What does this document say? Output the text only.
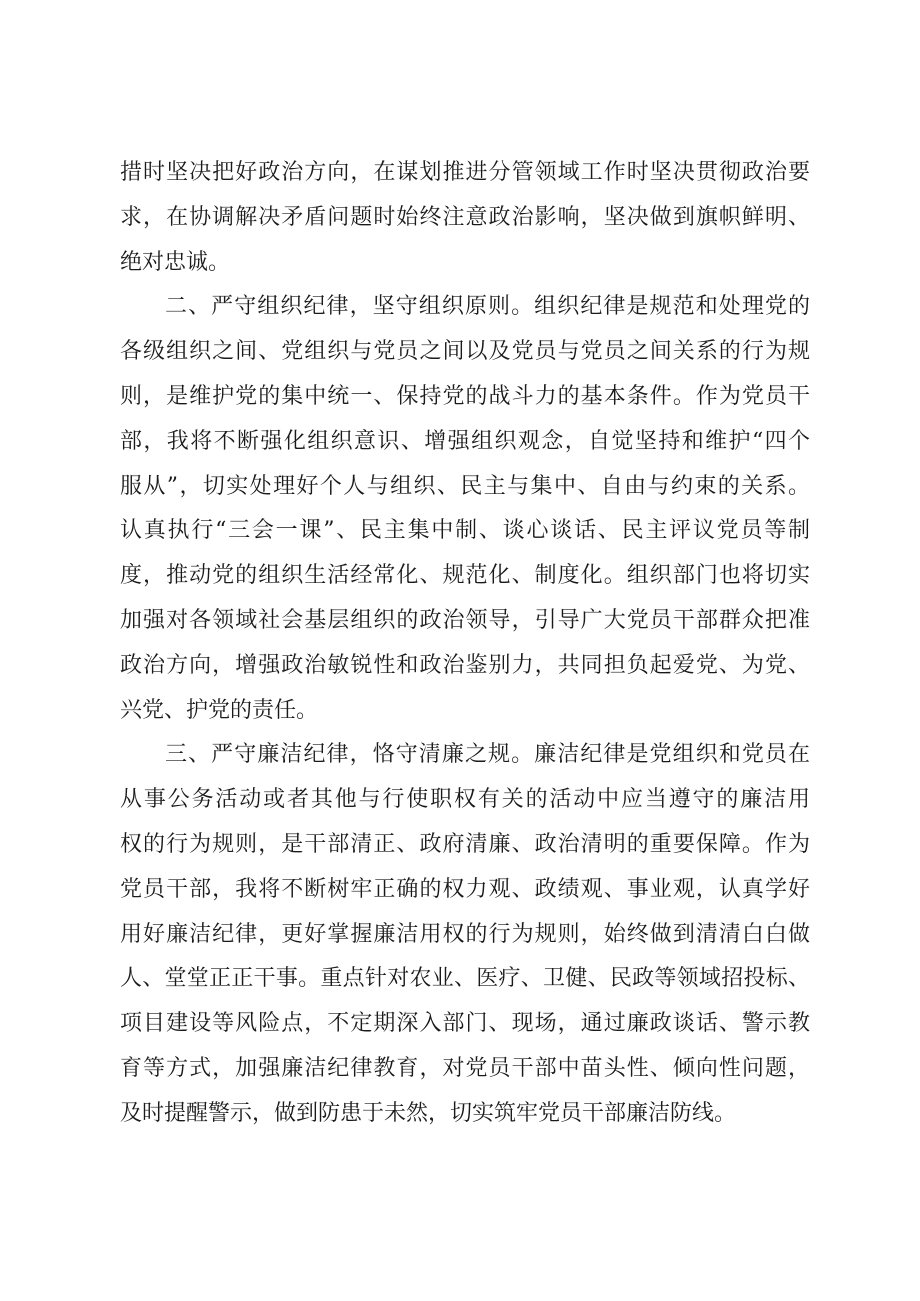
措时坚决把好政治方向，在谋划推进分管领域工作时坚决贯彻政治要
求，在协调解决矛盾问题时始终注意政治影响，坚决做到旗帜鲜明、
绝对忠诚。
二、严守组织纪律，坚守组织原则。组织纪律是规范和处理党的
各级组织之间、党组织与党员之间以及党员与党员之间关系的行为规
则，是维护党的集中统一、保持党的战斗力的基本条件。作为党员干
部，我将不断强化组织意识、增强组织观念，自觉坚持和维护“四个
服从”，切实处理好个人与组织、民主与集中、自由与约束的关系。
认真执行“三会一课”、民主集中制、谈心谈话、民主评议党员等制
度，推动党的组织生活经常化、规范化、制度化。组织部门也将切实
加强对各领域社会基层组织的政治领导，引导广大党员干部群众把准
政治方向，增强政治敏锐性和政治鉴别力，共同担负起爱党、为党、
兴党、护党的责任。
三、严守廉洁纪律，恪守清廉之规。廉洁纪律是党组织和党员在
从事公务活动或者其他与行使职权有关的活动中应当遵守的廉洁用
权的行为规则，是干部清正、政府清廉、政治清明的重要保障。作为
党员干部，我将不断树牢正确的权力观、政绩观、事业观，认真学好
用好廉洁纪律，更好掌握廉洁用权的行为规则，始终做到清清白白做
人、堂堂正正干事。重点针对农业、医疗、卫健、民政等领域招投标、
项目建设等风险点，不定期深入部门、现场，通过廉政谈话、警示教
育等方式，加强廉洁纪律教育，对党员干部中苗头性、倾向性问题，
及时提醒警示，做到防患于未然，切实筑牢党员干部廉洁防线。
